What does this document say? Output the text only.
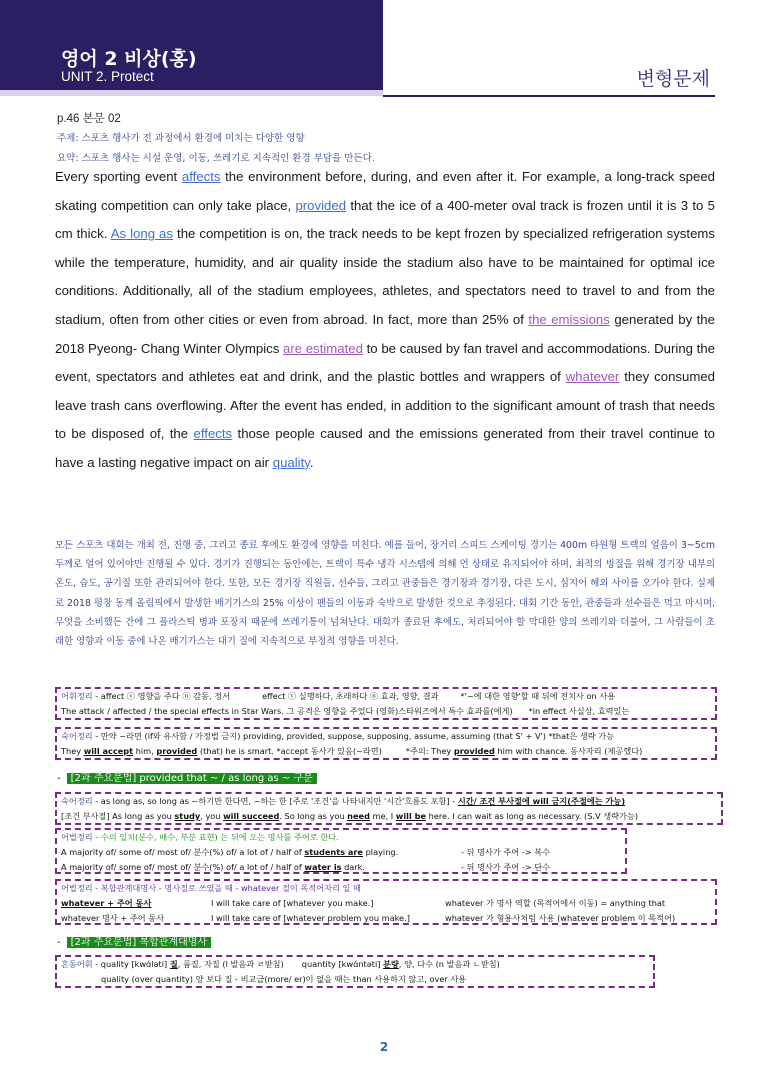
영어 2 비상(홍)
UNIT 2. Protect	변형문제
p.46 본문 02
주제: 스포츠 행사가 전 과정에서 환경에 미치는 다양한 영향
요약: 스포츠 행사는 시설 운영, 이동, 쓰레기로 지속적인 환경 부담을 만든다.
Every sporting event affects the environment before, during, and even after it. For example, a long-track speed skating competition can only take place, provided that the ice of a 400-meter oval track is frozen until it is 3 to 5 cm thick. As long as the competition is on, the track needs to be kept frozen by specialized refrigeration systems while the temperature, humidity, and air quality inside the stadium also have to be maintained for optimal ice conditions. Additionally, all of the stadium employees, athletes, and spectators need to travel to and from the stadium, often from other cities or even from abroad. In fact, more than 25% of the emissions generated by the 2018 Pyeong- Chang Winter Olympics are estimated to be caused by fan travel and accommodations. During the event, spectators and athletes eat and drink, and the plastic bottles and wrappers of whatever they consumed leave trash cans overflowing. After the event has ended, in addition to the significant amount of trash that needs to be disposed of, the effects those people caused and the emissions generated from their travel continue to have a lasting negative impact on air quality.
모든 스포츠 대회는 개최 전, 진행 중, 그리고 종료 후에도 환경에 영향을 미친다. 예를 들어, 장거리 스피드 스케이팅 경기는 400m 타원형 트랙의 얼음이 3~5cm 두께로 얼어 있어야만 진행될 수 있다. 경기가 진행되는 동안에는, 트랙이 특수 냉각 시스템에 의해 언 상태로 유지되어야 하며, 최적의 빙질을 위해 경기장 내부의 온도, 습도, 공기질 또한 관리되어야 한다. 또한, 모든 경기장 직원들, 선수들, 그리고 관중들은 경기장과 경기장, 다른 도시, 심지어 해외 사이를 오가야 한다. 실제로 2018 평창 동계 올림픽에서 발생한 배기가스의 25% 이상이 팬들의 이동과 숙박으로 발생한 것으로 추정된다. 대회 기간 동안, 관중들과 선수들은 먹고 마시며, 무엇을 소비했든 간에 그 플라스틱 병과 포장지 때문에 쓰레기통이 넘쳐난다. 대회가 종료된 후에도, 처리되어야 할 막대한 양의 쓰레기와 더불어, 그 사람들이 초래한 영향과 이동 중에 나온 배기가스는 대기 질에 지속적으로 부정적 영향을 미친다.
어휘정리 - affect ⓥ 영향을 주다 ⓝ 감동, 정서	effect ⓥ 실행하다, 초래하다 ⓝ 효과, 영향, 결과	*'~에 대한 영향'할 때 뒤에 전치사 on 사용
The attack / affected / the special effects in Star Wars. 그 공격은 영향을 주었다 (영화)스타워즈에서 특수 효과를(에게) *in effect 사실상, 효력있는
숙어정리 - 만약 ~라면 (if와 유사함 / 가정법 금지) providing, provided, suppose, supposing, assume, assuming (that S' + V') *that은 생략 가능
They will accept him, provided (that) he is smart. *accept 동사가 있음(~라면)	*주의: They provided him with chance. 동사자리 (제공했다)
- [2과 주요문법] provided that ~ / as long as ~ 구문
숙어정리 - as long as, so long as ~하기만 한다면, ~하는 한 [주로 '조건'을 나타내지만 '시간'흐름도 포함] - 시간/ 조건 부사절에 will 금지(주절에는 가능)
[조건 부사절] As long as you study, you will succeed. So long as you need me, I will be here. I can wait as long as necessary. (S.V 생략가능)
어법정리 - 수의 일치(분수, 배수, 부분 표현) 는 뒤에 오는 명사를 주어로 한다.
A majority of/ some of/ most of/ 분수(%) of/ a lot of / half of students are playing.	- 뒤 명사가 주어 -> 복수
A majority of/ some of/ most of/ 분수(%) of/ a lot of / half of water is dark.	- 뒤 명사가 주어 -> 단수
어법정리 - 복합관계대명사 - 명사절로 쓰였을 때 - whatever 절이 목적어자리 일 때
whatever + 주어 동사	I will take care of [whatever you make.]	whatever 가 명사 역할 (목적어에서 이동) = anything that
whatever 명사 + 주어 동사	I will take care of [whatever problem you make.]	whatever 가 형용사처럼 사용 (whatever problem 이 목적어)
- [2과 주요문법] 복합관계대명사
혼동어휘 - quality [kwɑ́ləti] 질, 품질, 자질 (l 발음과 ㄹ받침) quantity [kwɑ́ntəti] 분량, 양, 다수 (n 발음과 ㄴ받침)
quality (over quantity) 양 보다 질 - 비교급(more/ er)이 없을 때는 than 사용하지 않고, over 사용
2
